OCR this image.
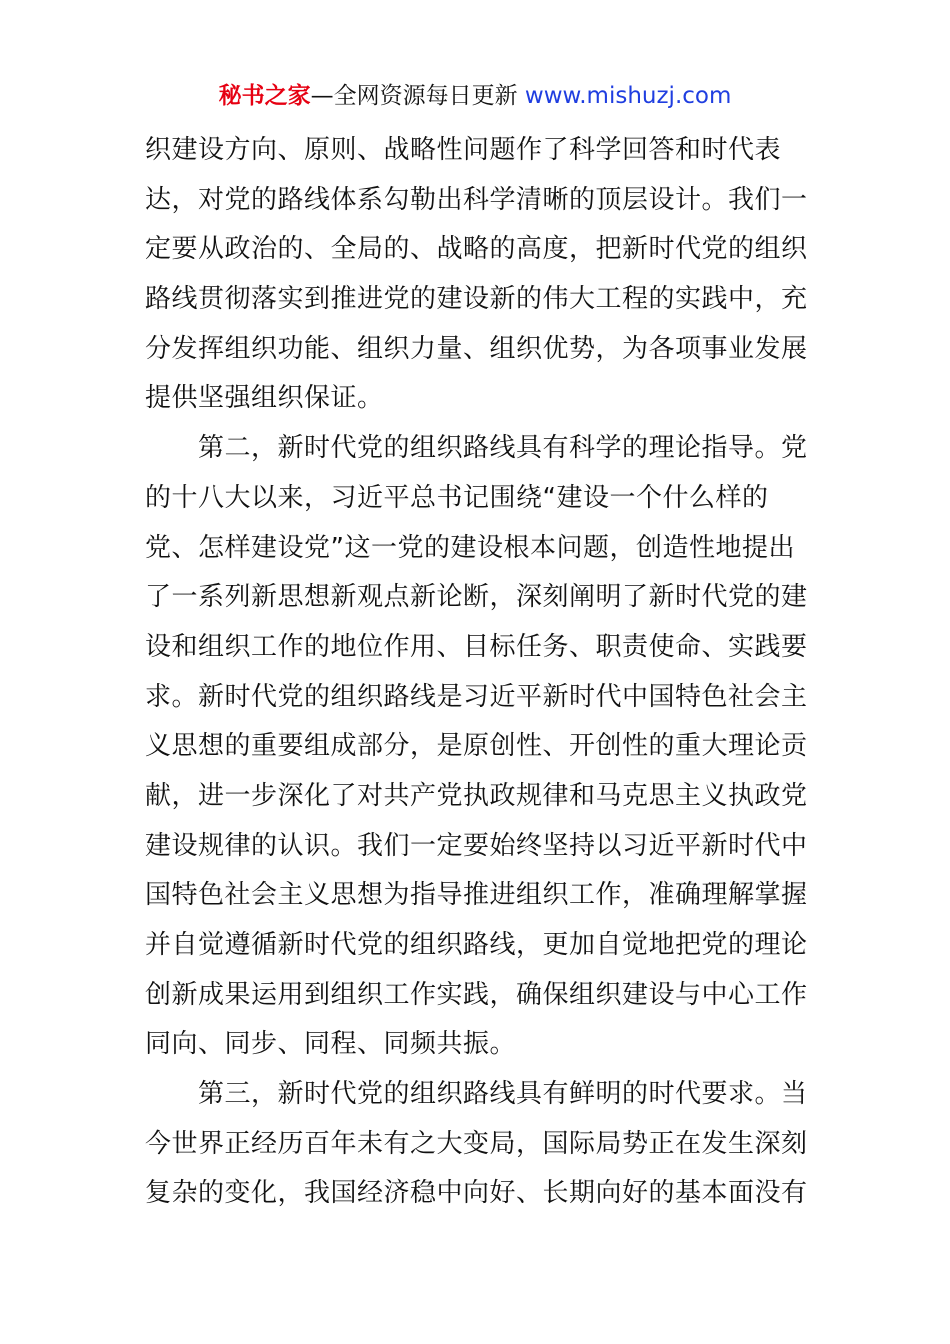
秘书之家—全网资源每日更新 www.mishuzj.com
织建设方向、原则、战略性问题作了科学回答和时代表
达，对党的路线体系勾勒出科学清晰的顶层设计。我们一
定要从政治的、全局的、战略的高度，把新时代党的组织
路线贯彻落实到推进党的建设新的伟大工程的实践中，充
分发挥组织功能、组织力量、组织优势，为各项事业发展
提供坚强组织保证。
　　第二，新时代党的组织路线具有科学的理论指导。党
的十八大以来，习近平总书记围绕“建设一个什么样的
党、怎样建设党”这一党的建设根本问题，创造性地提出
了一系列新思想新观点新论断，深刻阐明了新时代党的建
设和组织工作的地位作用、目标任务、职责使命、实践要
求。新时代党的组织路线是习近平新时代中国特色社会主
义思想的重要组成部分，是原创性、开创性的重大理论贡
献，进一步深化了对共产党执政规律和马克思主义执政党
建设规律的认识。我们一定要始终坚持以习近平新时代中
国特色社会主义思想为指导推进组织工作，准确理解掌握
并自觉遵循新时代党的组织路线，更加自觉地把党的理论
创新成果运用到组织工作实践，确保组织建设与中心工作
同向、同步、同程、同频共振。
　　第三，新时代党的组织路线具有鲜明的时代要求。当
今世界正经历百年未有之大变局，国际局势正在发生深刻
复杂的变化，我国经济稳中向好、长期向好的基本面没有
